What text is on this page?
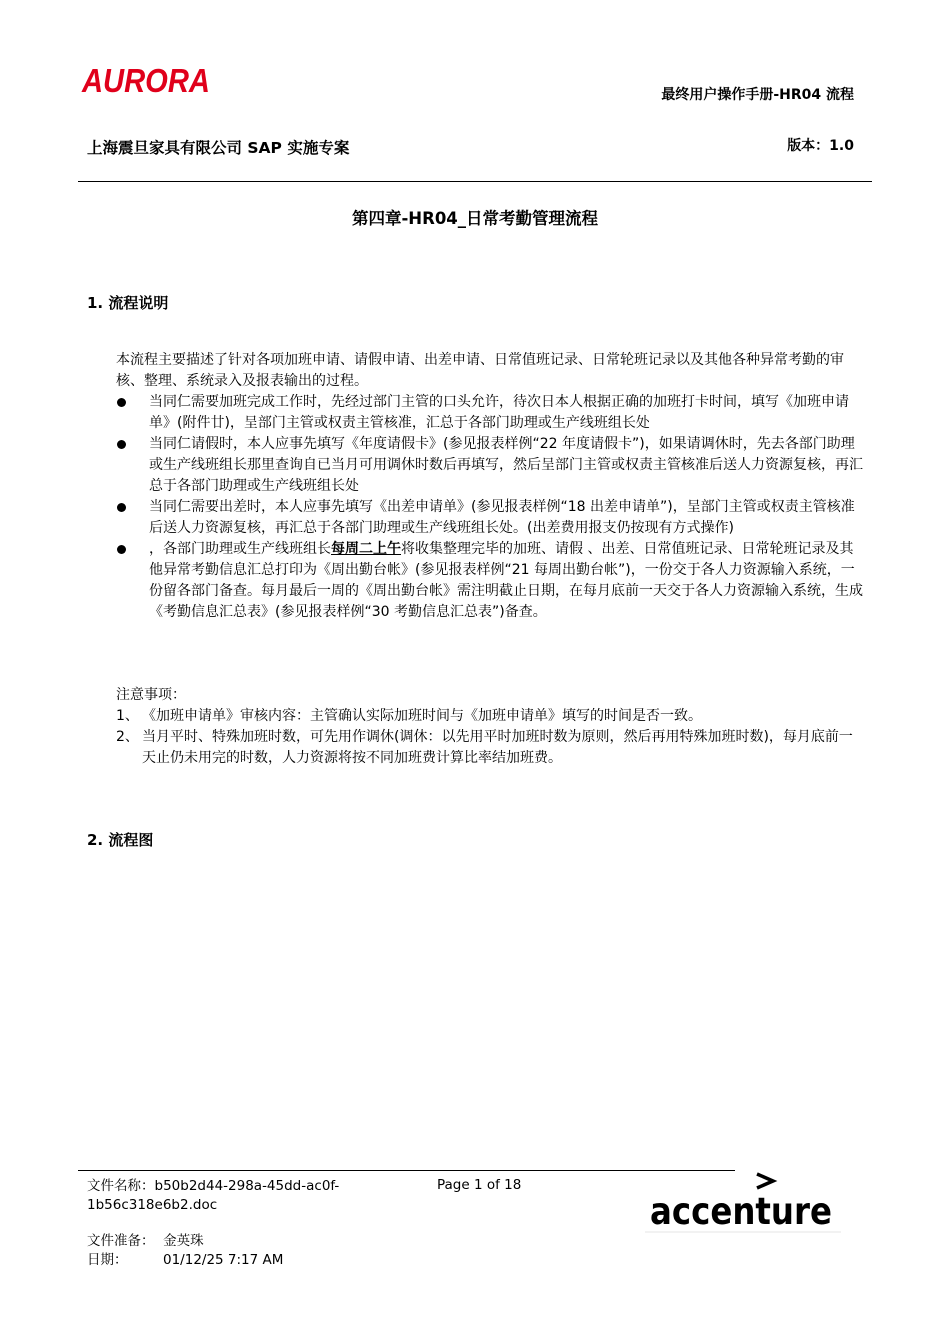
AURORA	最终用户操作手册-HR04 流程
上海震旦家具有限公司 SAP 实施专案	版本：1.0
第四章-HR04_日常考勤管理流程
1. 流程说明
本流程主要描述了针对各项加班申请、请假申请、出差申请、日常值班记录、日常轮班记录以及其他各种异常考勤的审核、整理、系统录入及报表输出的过程。
当同仁需要加班完成工作时，先经过部门主管的口头允许，待次日本人根据正确的加班打卡时间，填写《加班申请单》(附件廿)，呈部门主管或权责主管核准，汇总于各部门助理或生产线班组长处
当同仁请假时，本人应事先填写《年度请假卡》(参见报表样例“22 年度请假卡”)，如果请调休时，先去各部门助理或生产线班组长那里查询自已当月可用调休时数后再填写，然后呈部门主管或权责主管核准后送人力资源复核，再汇总于各部门助理或生产线班组长处
当同仁需要出差时，本人应事先填写《出差申请单》(参见报表样例“18 出差申请单”)，呈部门主管或权责主管核准后送人力资源复核，再汇总于各部门助理或生产线班组长处。(出差费用报支仍按现有方式操作)
，各部门助理或生产线班组长每周二上午将收集整理完毕的加班、请假 、出差、日常值班记录、日常轮班记录及其他异常考勤信息汇总打印为《周出勤台帐》(参见报表样例“21 每周出勤台帐”)，一份交于各人力资源输入系统，一份留各部门备查。每月最后一周的《周出勤台帐》需注明截止日期，在每月底前一天交于各人力资源输入系统，生成《考勤信息汇总表》(参见报表样例“30 考勤信息汇总表”)备查。
注意事项：
1、 《加班申请单》审核内容：主管确认实际加班时间与《加班申请单》填写的时间是否一致。
2、 当月平时、特殊加班时数，可先用作调休(调休：以先用平时加班时数为原则，然后再用特殊加班时数)，每月底前一天止仍未用完的时数，人力资源将按不同加班费计算比率结加班费。
2. 流程图
文件名称：b50b2d44-298a-45dd-ac0f-1b56c318e6b2.doc
Page 1 of 18
文件准备： 金英珠
日期：	01/12/25 7:17 AM
accenture
